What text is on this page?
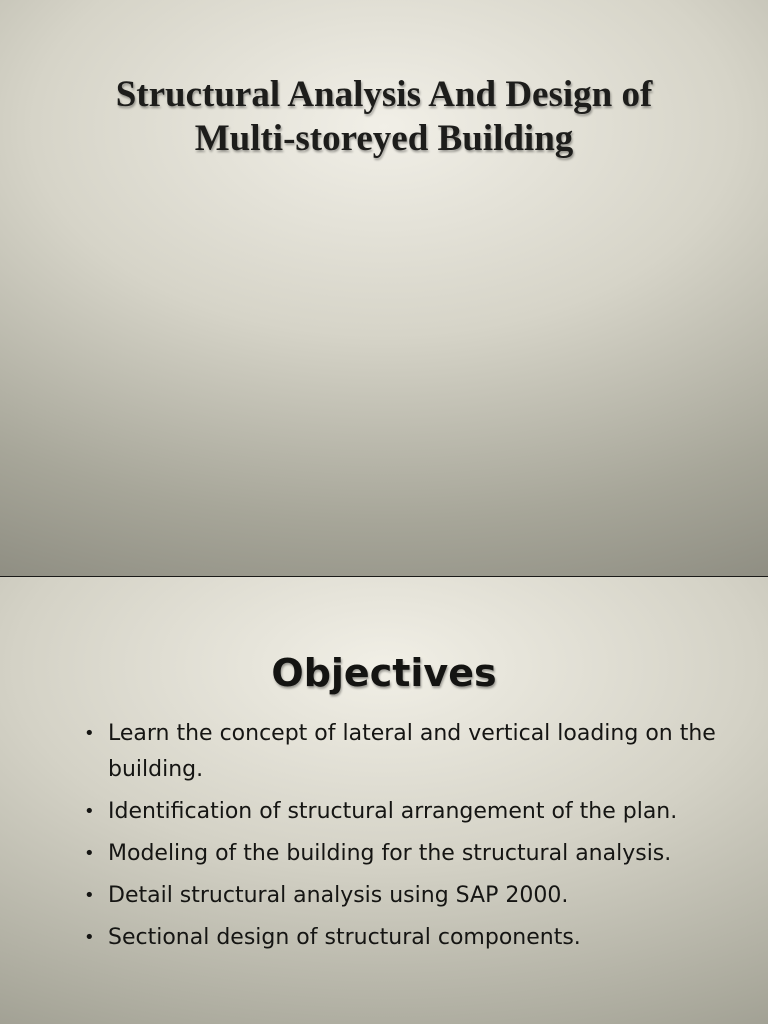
Structural Analysis And Design of
Multi-storeyed Building
Objectives
• Learn the concept of lateral and vertical loading on the building.
• Identification of structural arrangement of the plan.
• Modeling of the building for the structural analysis.
• Detail structural analysis using SAP 2000.
• Sectional design of structural components.
